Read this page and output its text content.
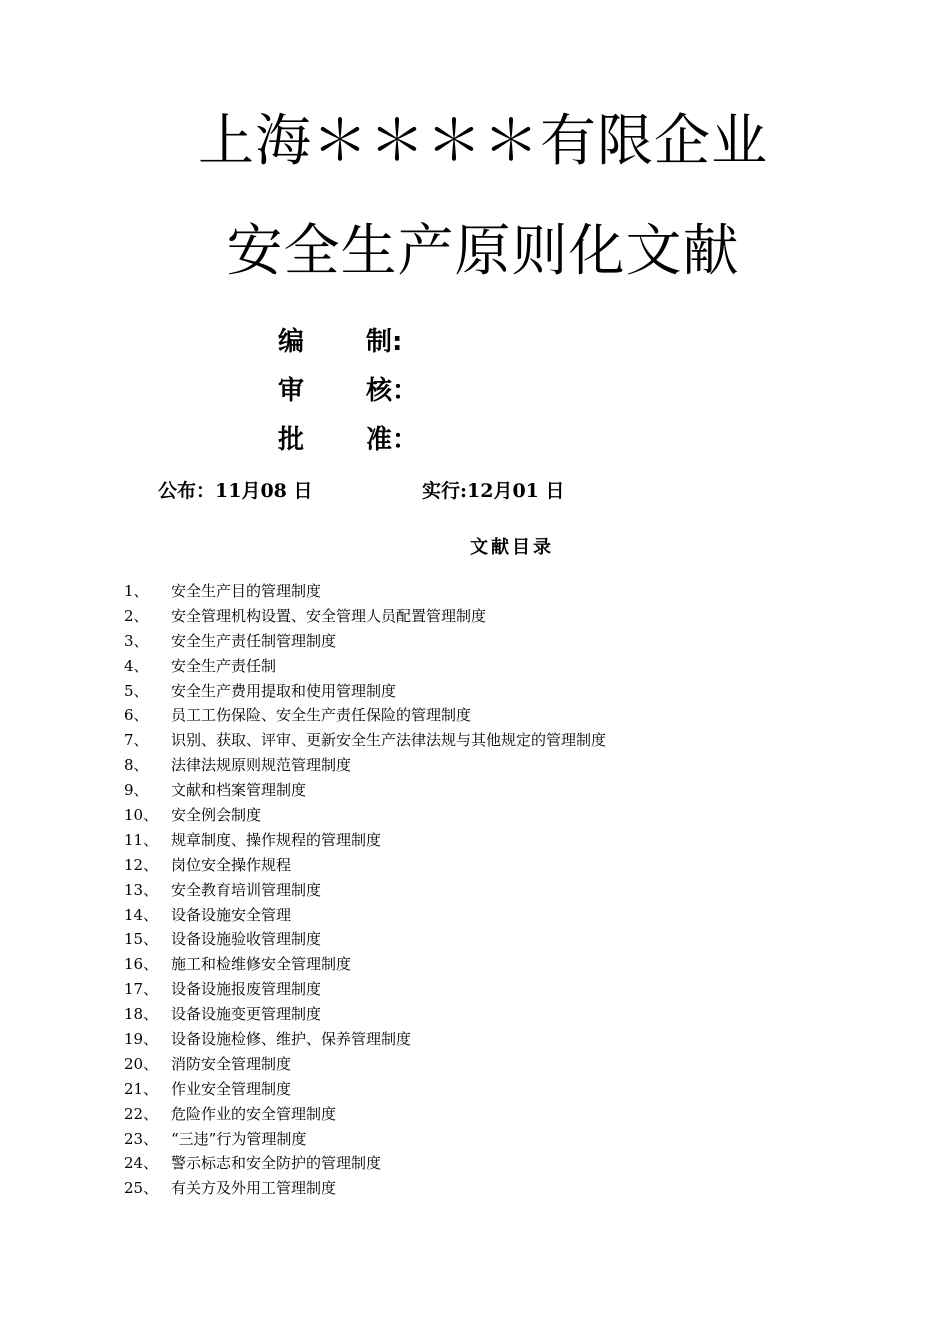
上海＊＊＊＊有限企业
安全生产原则化文献
编 制:
审 核：
批 准：
公布：11月08 日	实行:12月01 日
文献目录
1、	安全生产目的管理制度
2、	安全管理机构设置、安全管理人员配置管理制度
3、	安全生产责任制管理制度
4、	安全生产责任制
5、	安全生产费用提取和使用管理制度
6、	员工工伤保险、安全生产责任保险的管理制度
7、	识别、获取、评审、更新安全生产法律法规与其他规定的管理制度
8、	法律法规原则规范管理制度
9、	文献和档案管理制度
10、 安全例会制度
11、 规章制度、操作规程的管理制度
12、 岗位安全操作规程
13、 安全教育培训管理制度
14、 设备设施安全管理
15、 设备设施验收管理制度
16、 施工和检维修安全管理制度
17、 设备设施报废管理制度
18、 设备设施变更管理制度
19、 设备设施检修、维护、保养管理制度
20、 消防安全管理制度
21、 作业安全管理制度
22、 危险作业的安全管理制度
23、 “三违”行为管理制度
24、 警示标志和安全防护的管理制度
25、 有关方及外用工管理制度
